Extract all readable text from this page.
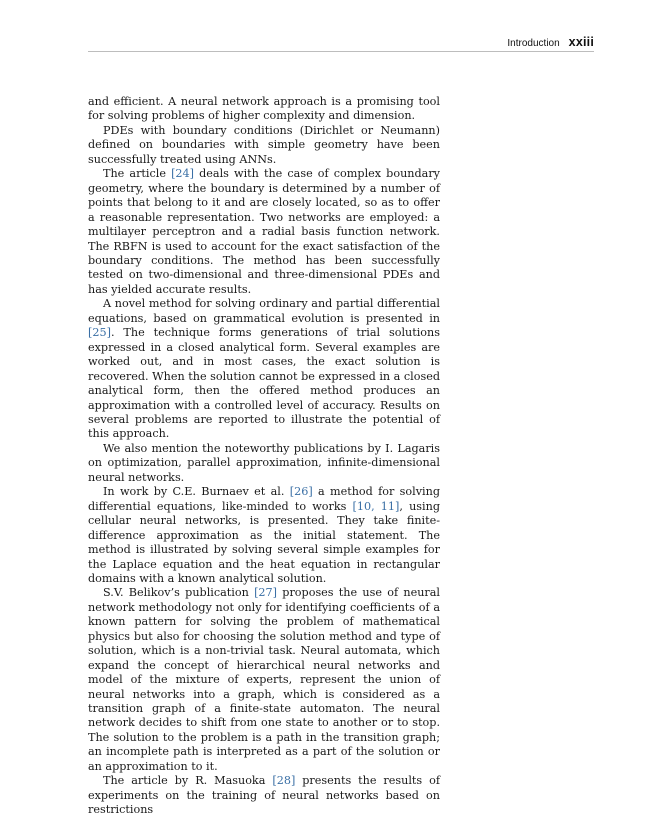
Introduction xxiii

and efficient. A neural network approach is a promising tool for solving problems of higher complexity and dimension.

PDEs with boundary conditions (Dirichlet or Neumann) defined on boundaries with simple geometry have been successfully treated using ANNs.

The article [24] deals with the case of complex boundary geometry, where the boundary is determined by a number of points that belong to it and are closely located, so as to offer a reasonable representation. Two networks are employed: a multilayer perceptron and a radial basis function network. The RBFN is used to account for the exact satisfaction of the boundary conditions. The method has been successfully tested on two-dimensional and three-dimensional PDEs and has yielded accurate results.

A novel method for solving ordinary and partial differential equations, based on grammatical evolution is presented in [25]. The technique forms generations of trial solutions expressed in a closed analytical form. Several examples are worked out, and in most cases, the exact solution is recovered. When the solution cannot be expressed in a closed analytical form, then the offered method produces an approximation with a controlled level of accuracy. Results on several problems are reported to illustrate the potential of this approach.

We also mention the noteworthy publications by I. Lagaris on optimization, parallel approximation, infinite-dimensional neural networks.

In work by C.E. Burnaev et al. [26] a method for solving differential equations, like-minded to works [10, 11], using cellular neural networks, is presented. They take finite-difference approximation as the initial statement. The method is illustrated by solving several simple examples for the Laplace equation and the heat equation in rectangular domains with a known analytical solution.

S.V. Belikov’s publication [27] proposes the use of neural network methodology not only for identifying coefficients of a known pattern for solving the problem of mathematical physics but also for choosing the solution method and type of solution, which is a non-trivial task. Neural automata, which expand the concept of hierarchical neural networks and model of the mixture of experts, represent the union of neural networks into a graph, which is considered as a transition graph of a finite-state automaton. The neural network decides to shift from one state to another or to stop. The solution to the problem is a path in the transition graph; an incomplete path is interpreted as a part of the solution or an approximation to it.

The article by R. Masuoka [28] presents the results of experiments on the training of neural networks based on restrictions
